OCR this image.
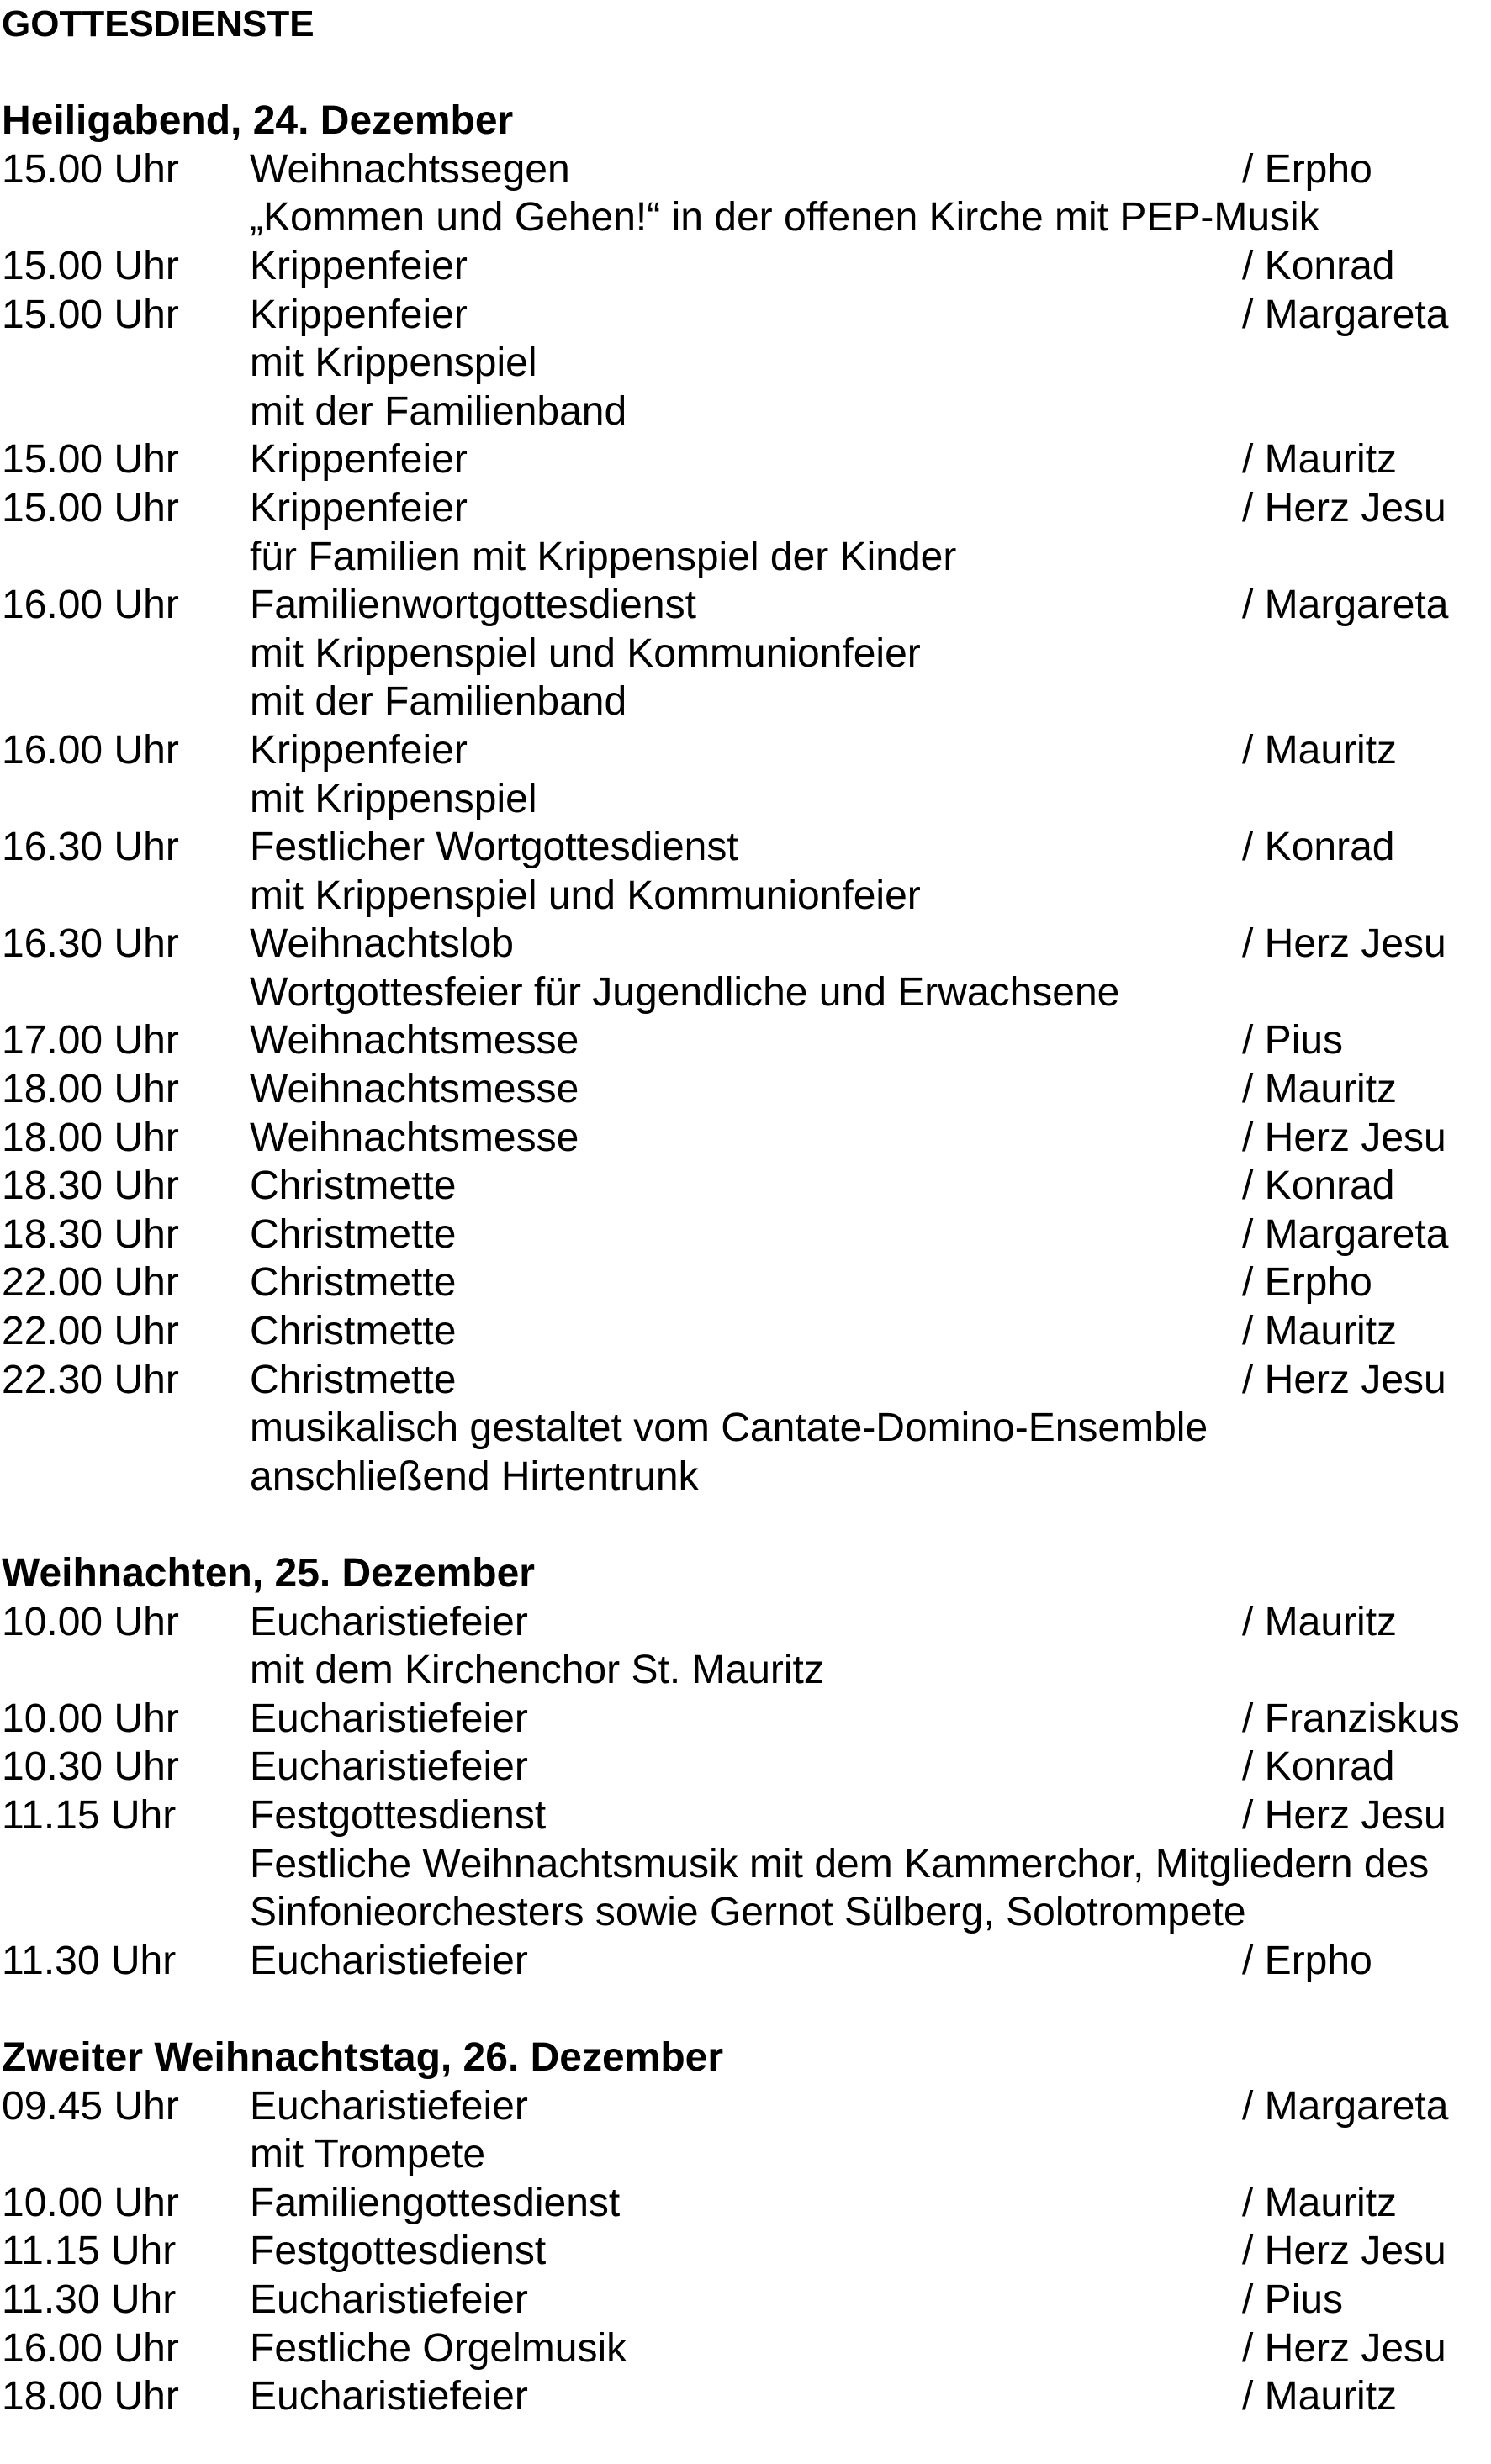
GOTTESDIENSTE
Heiligabend, 24. Dezember
15.00 Uhr Weihnachtssegen	/ Erpho
„Kommen und Gehen!“ in der offenen Kirche mit PEP-Musik
15.00 Uhr Krippenfeier	/ Konrad
15.00 Uhr Krippenfeier	/ Margareta
mit Krippenspiel
mit der Familienband
15.00 Uhr Krippenfeier	/ Mauritz
15.00 Uhr Krippenfeier	/ Herz Jesu
für Familien mit Krippenspiel der Kinder
16.00 Uhr Familienwortgottesdienst	/ Margareta
mit Krippenspiel und Kommunionfeier
mit der Familienband
16.00 Uhr Krippenfeier	/ Mauritz
mit Krippenspiel
16.30 Uhr Festlicher Wortgottesdienst	/ Konrad
mit Krippenspiel und Kommunionfeier
16.30 Uhr Weihnachtslob	/ Herz Jesu
Wortgottesfeier für Jugendliche und Erwachsene
17.00 Uhr Weihnachtsmesse	/ Pius
18.00 Uhr Weihnachtsmesse	/ Mauritz
18.00 Uhr Weihnachtsmesse	/ Herz Jesu
18.30 Uhr Christmette	/ Konrad
18.30 Uhr Christmette	/ Margareta
22.00 Uhr Christmette	/ Erpho
22.00 Uhr Christmette	/ Mauritz
22.30 Uhr Christmette	/ Herz Jesu
musikalisch gestaltet vom Cantate-Domino-Ensemble
anschließend Hirtentrunk
Weihnachten, 25. Dezember
10.00 Uhr Eucharistiefeier	/ Mauritz
mit dem Kirchenchor St. Mauritz
10.00 Uhr Eucharistiefeier	/ Franziskus
10.30 Uhr Eucharistiefeier	/ Konrad
11.15 Uhr Festgottesdienst	/ Herz Jesu
Festliche Weihnachtsmusik mit dem Kammerchor, Mitgliedern des
Sinfonieorchesters sowie Gernot Sülberg, Solotrompete
11.30 Uhr Eucharistiefeier	/ Erpho
Zweiter Weihnachtstag, 26. Dezember
09.45 Uhr Eucharistiefeier	/ Margareta
mit Trompete
10.00 Uhr Familiengottesdienst	/ Mauritz
11.15 Uhr Festgottesdienst	/ Herz Jesu
11.30 Uhr Eucharistiefeier	/ Pius
16.00 Uhr Festliche Orgelmusik	/ Herz Jesu
18.00 Uhr Eucharistiefeier	/ Mauritz
